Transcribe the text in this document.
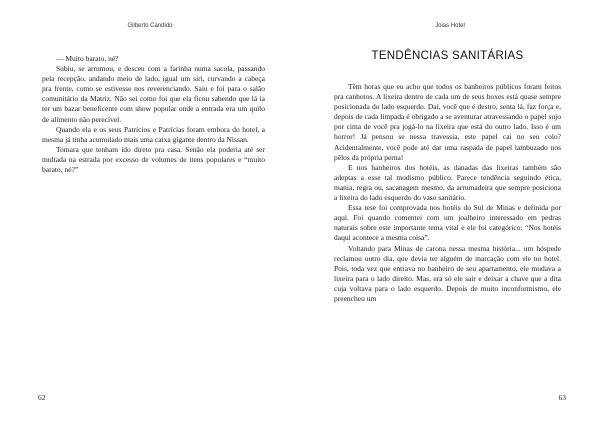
Gilberto Candido

— Muito barato, né?

Subiu, se arrumou, e desceu com a farinha numa sacola, passando pela recepção, andando meio de lado, igual um siri, curvando a cabeça pra frente, como se estivesse nos reverenciando. Saiu e foi para o salão comunitário da Matriz. Não sei como foi que ela ficou sabendo que lá ia ter um bazar beneficente com show popular onde a entrada era um quilo de alimento não perecível.

Quando ela e os seus Patrícios e Patrícias foram embora do hotel, a mesma já tinha acumulado mais uma caixa gigante dentro da Nissan.

Tomara que tenham ido direto pra casa. Senão ela poderia até ser multada na estrada por excesso de volumes de itens populares e “muito barato, né?”

62
Joias Hotel
TENDÊNCIAS SANITÁRIAS

Têm horas que eu acho que todos os banheiros públicos foram feitos pra canhotos. A lixeira dentro de cada um de seus boxes está quase sempre posicionada do lado esquerdo. Daí, você que é destro, senta lá, faz força e, depois de cada limpada é obrigado a se aventurar atravessando o papel sujo por cima de você pra jogá-lo na lixeira que está do outro lado. Isso é um horror! Já pensou se nessa travessia, este papel cai no seu colo? Acidentalmente, você pode até dar uma raspada de papel lambuzado nos pêlos da própria perna!

E nos banheiros dos hotéis, as danadas das lixeiras também são adeptas a esse tal modismo público. Parece tendência seguindo ética, mania, regra ou, sacanagem mesmo, da arrumadeira que sempre posiciona a lixeira do lado esquerdo do vaso sanitário.

Essa tese foi comprovada nos hotéis do Sul de Minas e definida por aqui. Foi quando comentei com um joalheiro interessado em pedras naturais sobre este importante tema vital e ele foi categórico: “Nos hotéis daqui acontece a mesma coisa”.

Voltando para Minas de carona nessa mesma história... um hóspede reclamou outro dia, que devia ter alguém de marcação com ele no hotel. Pois, toda vez que entrava no banheiro de seu apartamento, ele mudava a lixeira para o lado direito. Mas, era só ele sair e deixar a chave que a dita cuja voltava para o lado esquerdo. Depois de muito inconformismo, ele preencheu um

63
